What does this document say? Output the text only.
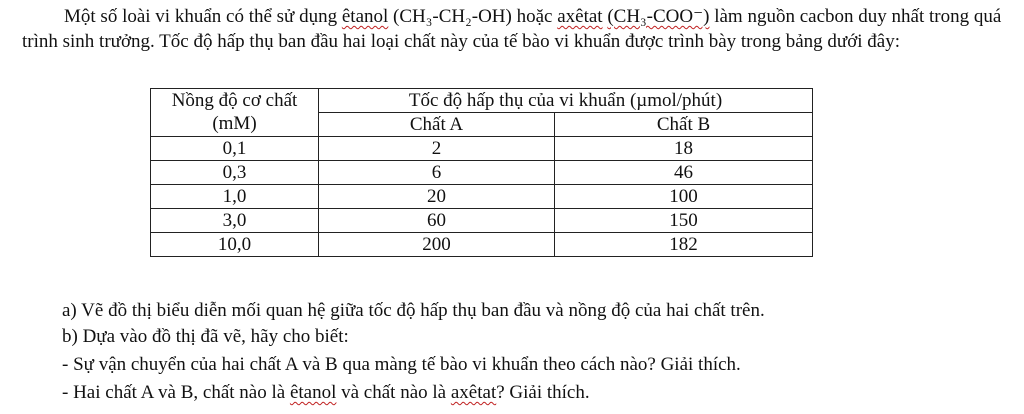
Một số loài vi khuẩn có thể sử dụng êtanol (CH₃-CH₂-OH) hoặc axêtat (CH₃-COO⁻) làm nguồn cacbon duy nhất trong quá trình sinh trưởng. Tốc độ hấp thụ ban đầu hai loại chất này của tế bào vi khuẩn được trình bày trong bảng dưới đây:

Nồng độ cơ chất	Tốc độ hấp thụ của vi khuẩn (µmol/phút)	
(mM)	Chất A	Chất B
0,1	2	18
0,3	6	46
1,0	20	100
3,0	60	150
10,0	200	182

a) Vẽ đồ thị biểu diễn mối quan hệ giữa tốc độ hấp thụ ban đầu và nồng độ của hai chất trên.

b) Dựa vào đồ thị đã vẽ, hãy cho biết:

- Sự vận chuyển của hai chất A và B qua màng tế bào vi khuẩn theo cách nào? Giải thích.

- Hai chất A và B, chất nào là êtanol và chất nào là axêtat? Giải thích.
